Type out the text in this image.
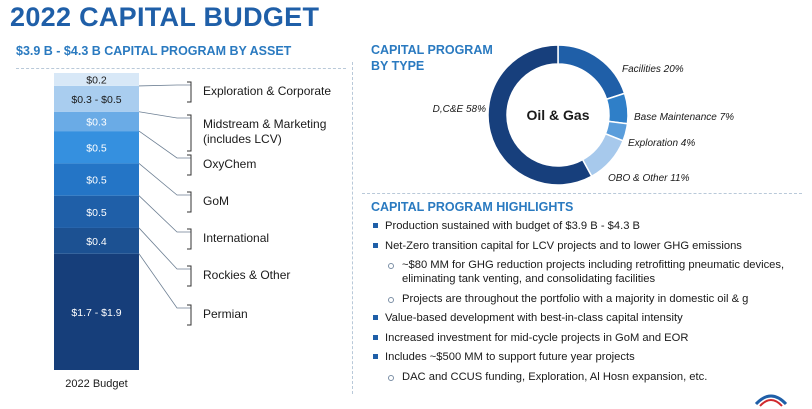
2022 CAPITAL BUDGET
$3.9 B - $4.3 B CAPITAL PROGRAM BY ASSET	CAPITAL PROGRAM
BY TYPE
$1.7 - $1.9
$0.4
$0.5
$0.5
$0.5
$0.3
$0.3 - $0.5
$0.2
2022 Budget
Exploration & Corporate
Midstream & Marketing
(includes LCV)
OxyChem
GoM
International
Rockies & Other
Permian
Facilities 20%
Base Maintenance 7%
Exploration 4%
OBO & Other 11%
D,C&E 58%	Oil & Gas
CAPITAL PROGRAM HIGHLIGHTS
Production sustained with budget of $3.9 B - $4.3 B
Net-Zero transition capital for LCV projects and to lower GHG emissions
~$80 MM for GHG reduction projects including retrofitting pneumatic devices, eliminating tank venting, and consolidating facilities
Projects are throughout the portfolio with a majority in domestic oil & g
Value-based development with best-in-class capital intensity
Increased investment for mid-cycle projects in GoM and EOR
Includes ~$500 MM to support future year projects
DAC and CCUS funding, Exploration, Al Hosn expansion, etc.
